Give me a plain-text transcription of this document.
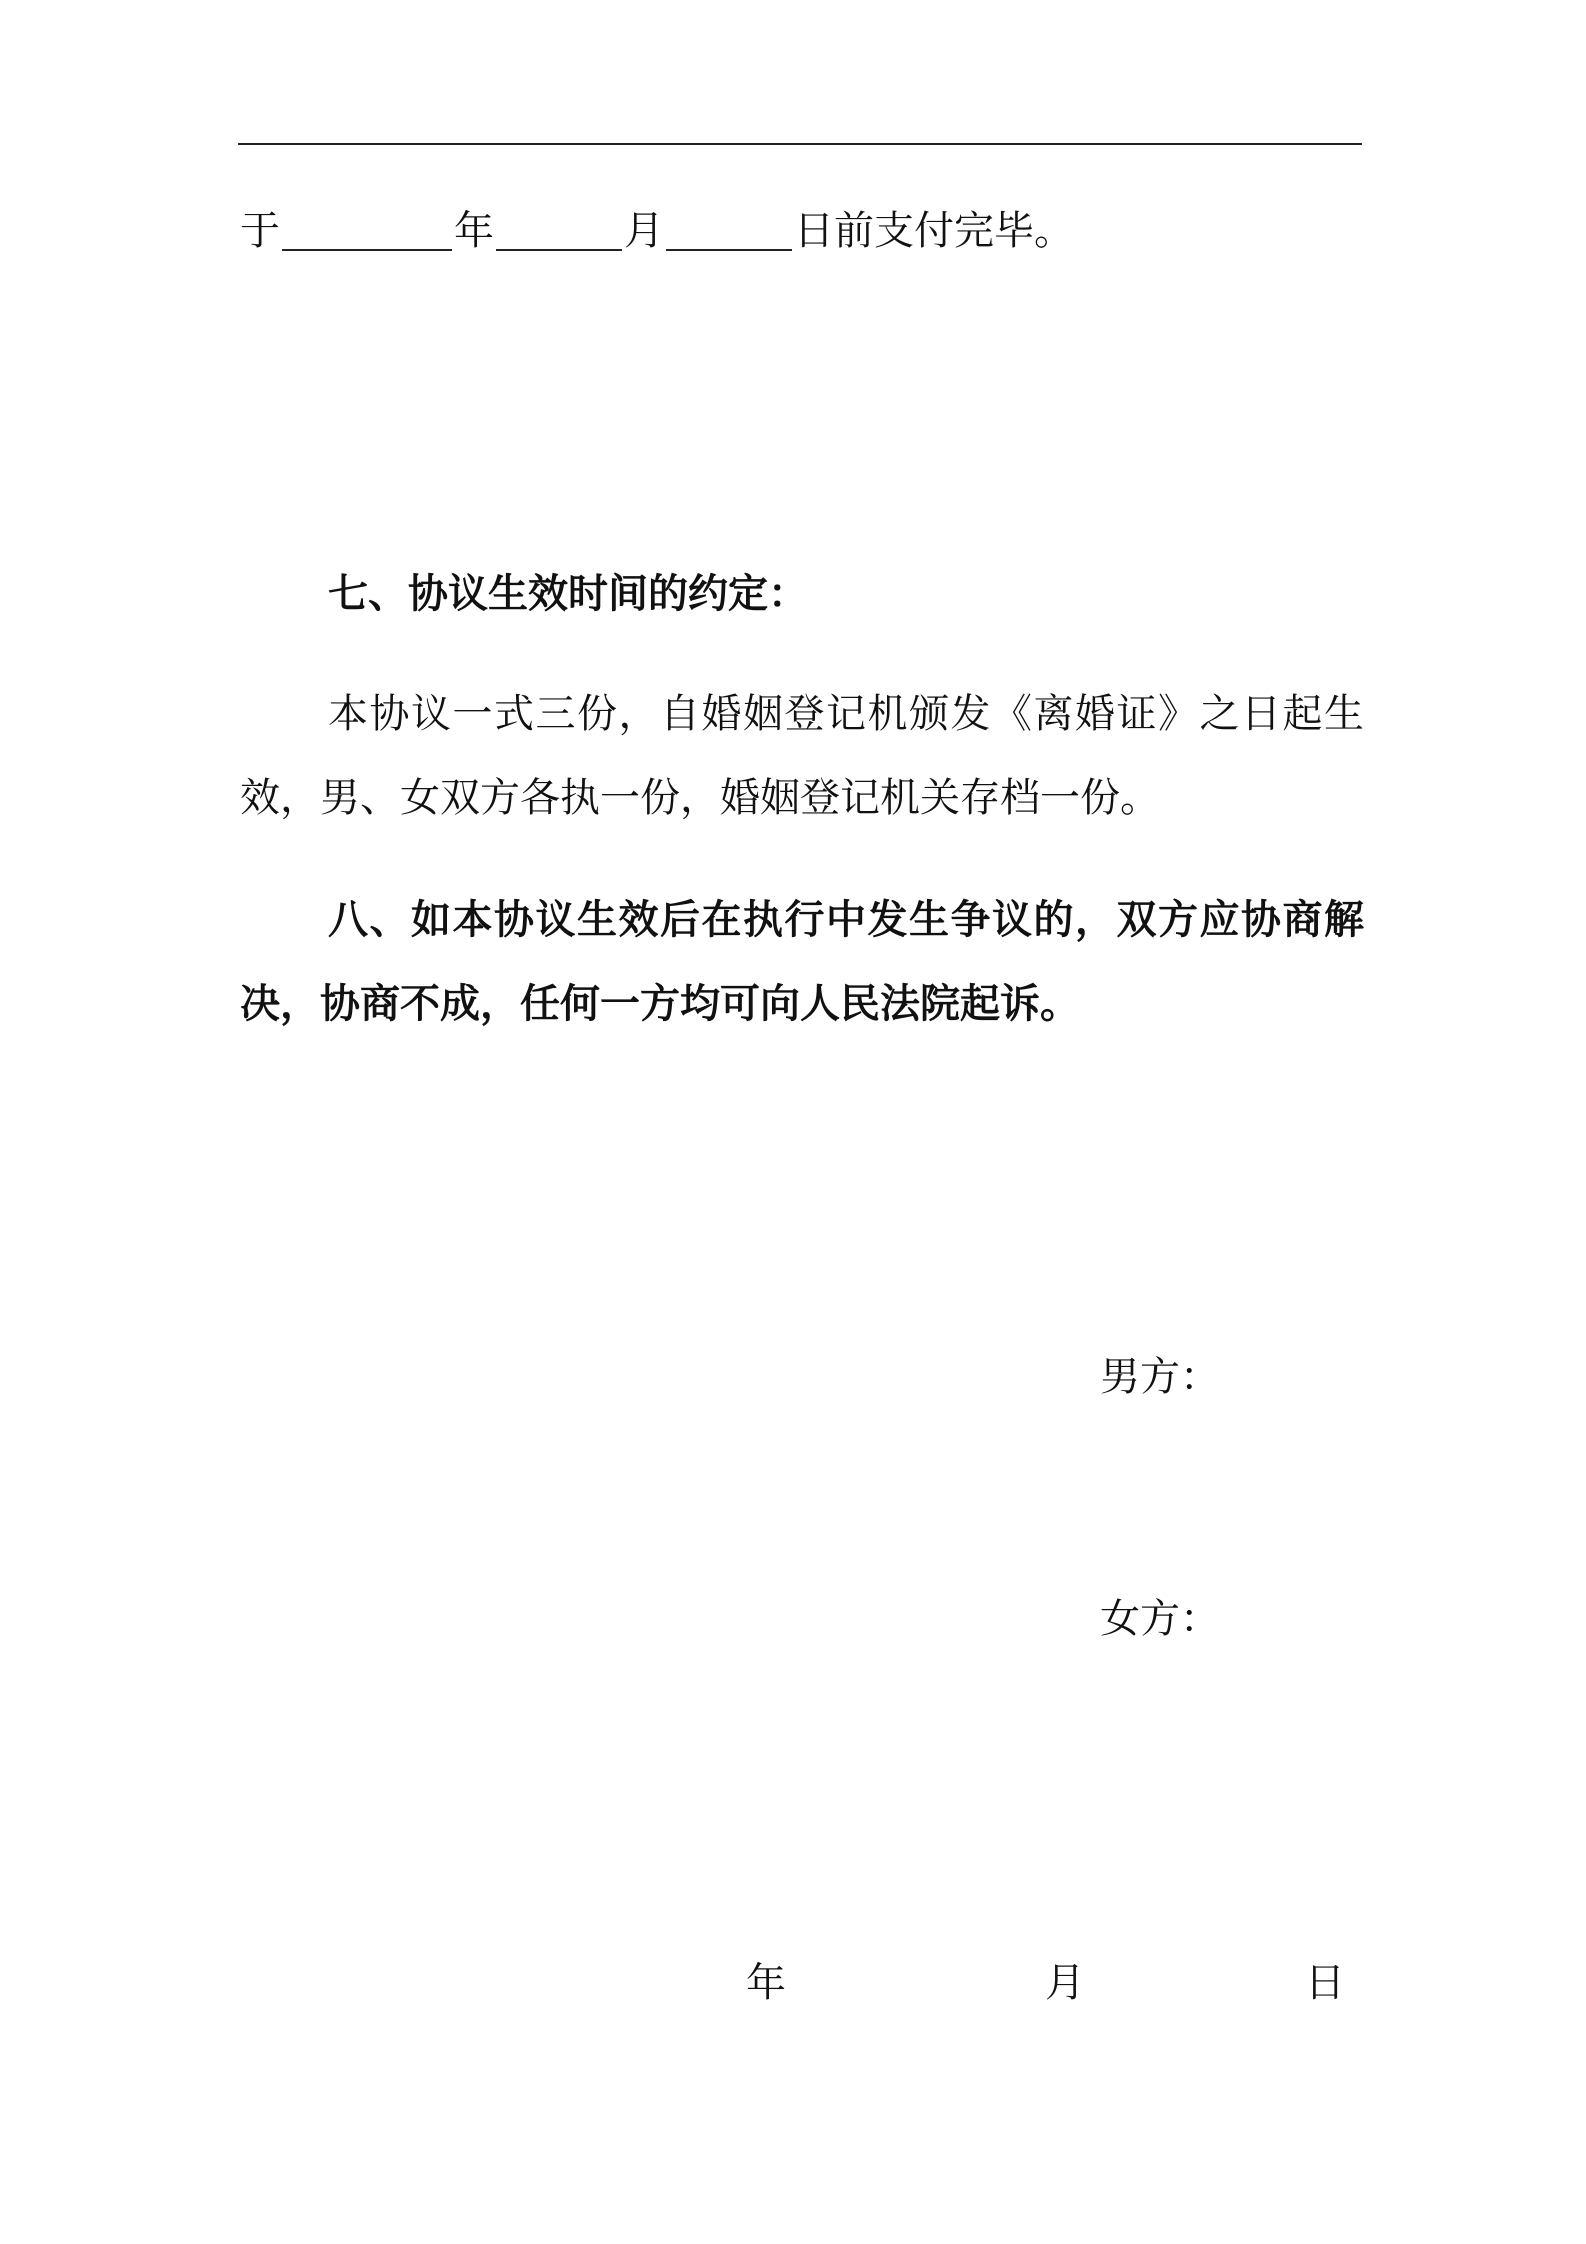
于	年	月	日前支付完毕。
七、协议生效时间的约定：
本协议一式三份，自婚姻登记机颁发《离婚证》之日起生效，男、女双方各执一份，婚姻登记机关存档一份。
八、如本协议生效后在执行中发生争议的，双方应协商解决，协商不成，任何一方均可向人民法院起诉。
男方：
女方：
年	月	日
